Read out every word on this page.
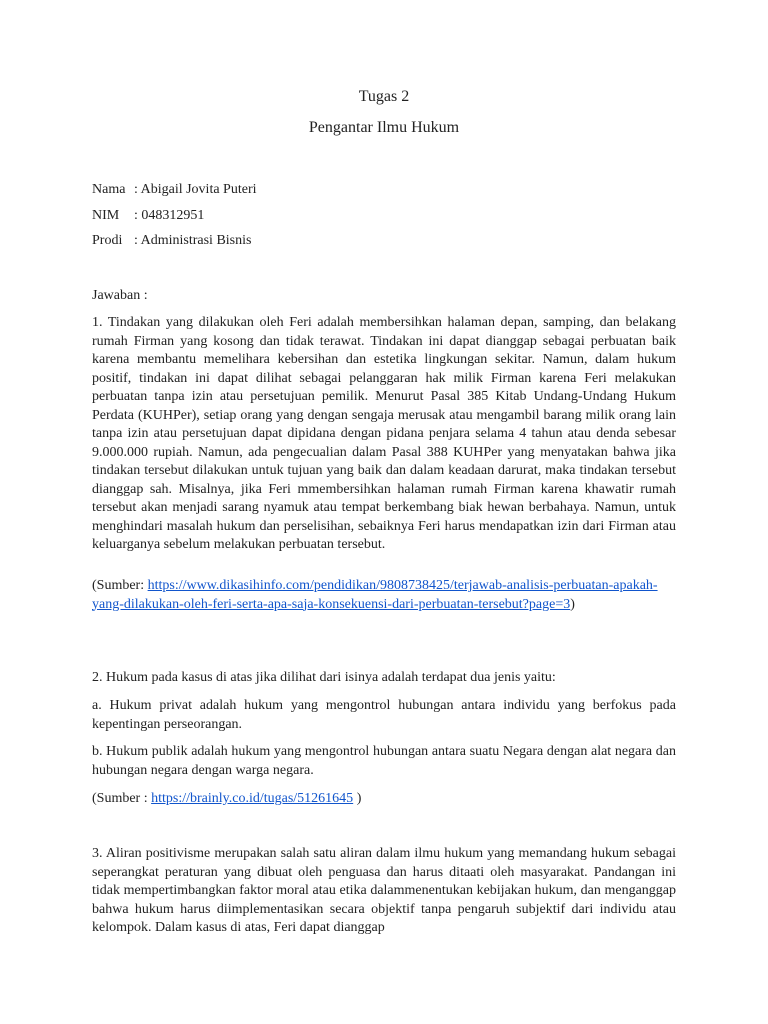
Tugas 2
Pengantar Ilmu Hukum
Nama : Abigail Jovita Puteri
NIM : 048312951
Prodi : Administrasi Bisnis
Jawaban :

1. Tindakan yang dilakukan oleh Feri adalah membersihkan halaman depan, samping, dan belakang rumah Firman yang kosong dan tidak terawat. Tindakan ini dapat dianggap sebagai perbuatan baik karena membantu memelihara kebersihan dan estetika lingkungan sekitar. Namun, dalam hukum positif, tindakan ini dapat dilihat sebagai pelanggaran hak milik Firman karena Feri melakukan perbuatan tanpa izin atau persetujuan pemilik. Menurut Pasal 385 Kitab Undang-Undang Hukum Perdata (KUHPer), setiap orang yang dengan sengaja merusak atau mengambil barang milik orang lain tanpa izin atau persetujuan dapat dipidana dengan pidana penjara selama 4 tahun atau denda sebesar 9.000.000 rupiah. Namun, ada pengecualian dalam Pasal 388 KUHPer yang menyatakan bahwa jika tindakan tersebut dilakukan untuk tujuan yang baik dan dalam keadaan darurat, maka tindakan tersebut dianggap sah. Misalnya, jika Feri mmembersihkan halaman rumah Firman karena khawatir rumah tersebut akan menjadi sarang nyamuk atau tempat berkembang biak hewan berbahaya. Namun, untuk menghindari masalah hukum dan perselisihan, sebaiknya Feri harus mendapatkan izin dari Firman atau keluarganya sebelum melakukan perbuatan tersebut.

(Sumber: https://www.dikasihinfo.com/pendidikan/9808738425/terjawab-analisis-perbuatan-apakah-yang-dilakukan-oleh-feri-serta-apa-saja-konsekuensi-dari-perbuatan-tersebut?page=3)

2. Hukum pada kasus di atas jika dilihat dari isinya adalah terdapat dua jenis yaitu:

a. Hukum privat adalah hukum yang mengontrol hubungan antara individu yang berfokus pada kepentingan perseorangan.

b. Hukum publik adalah hukum yang mengontrol hubungan antara suatu Negara dengan alat negara dan hubungan negara dengan warga negara.

(Sumber : https://brainly.co.id/tugas/51261645 )

3. Aliran positivisme merupakan salah satu aliran dalam ilmu hukum yang memandang hukum sebagai seperangkat peraturan yang dibuat oleh penguasa dan harus ditaati oleh masyarakat. Pandangan ini tidak mempertimbangkan faktor moral atau etika dalammenentukan kebijakan hukum, dan menganggap bahwa hukum harus diimplementasikan secara objektif tanpa pengaruh subjektif dari individu atau kelompok. Dalam kasus di atas, Feri dapat dianggap
